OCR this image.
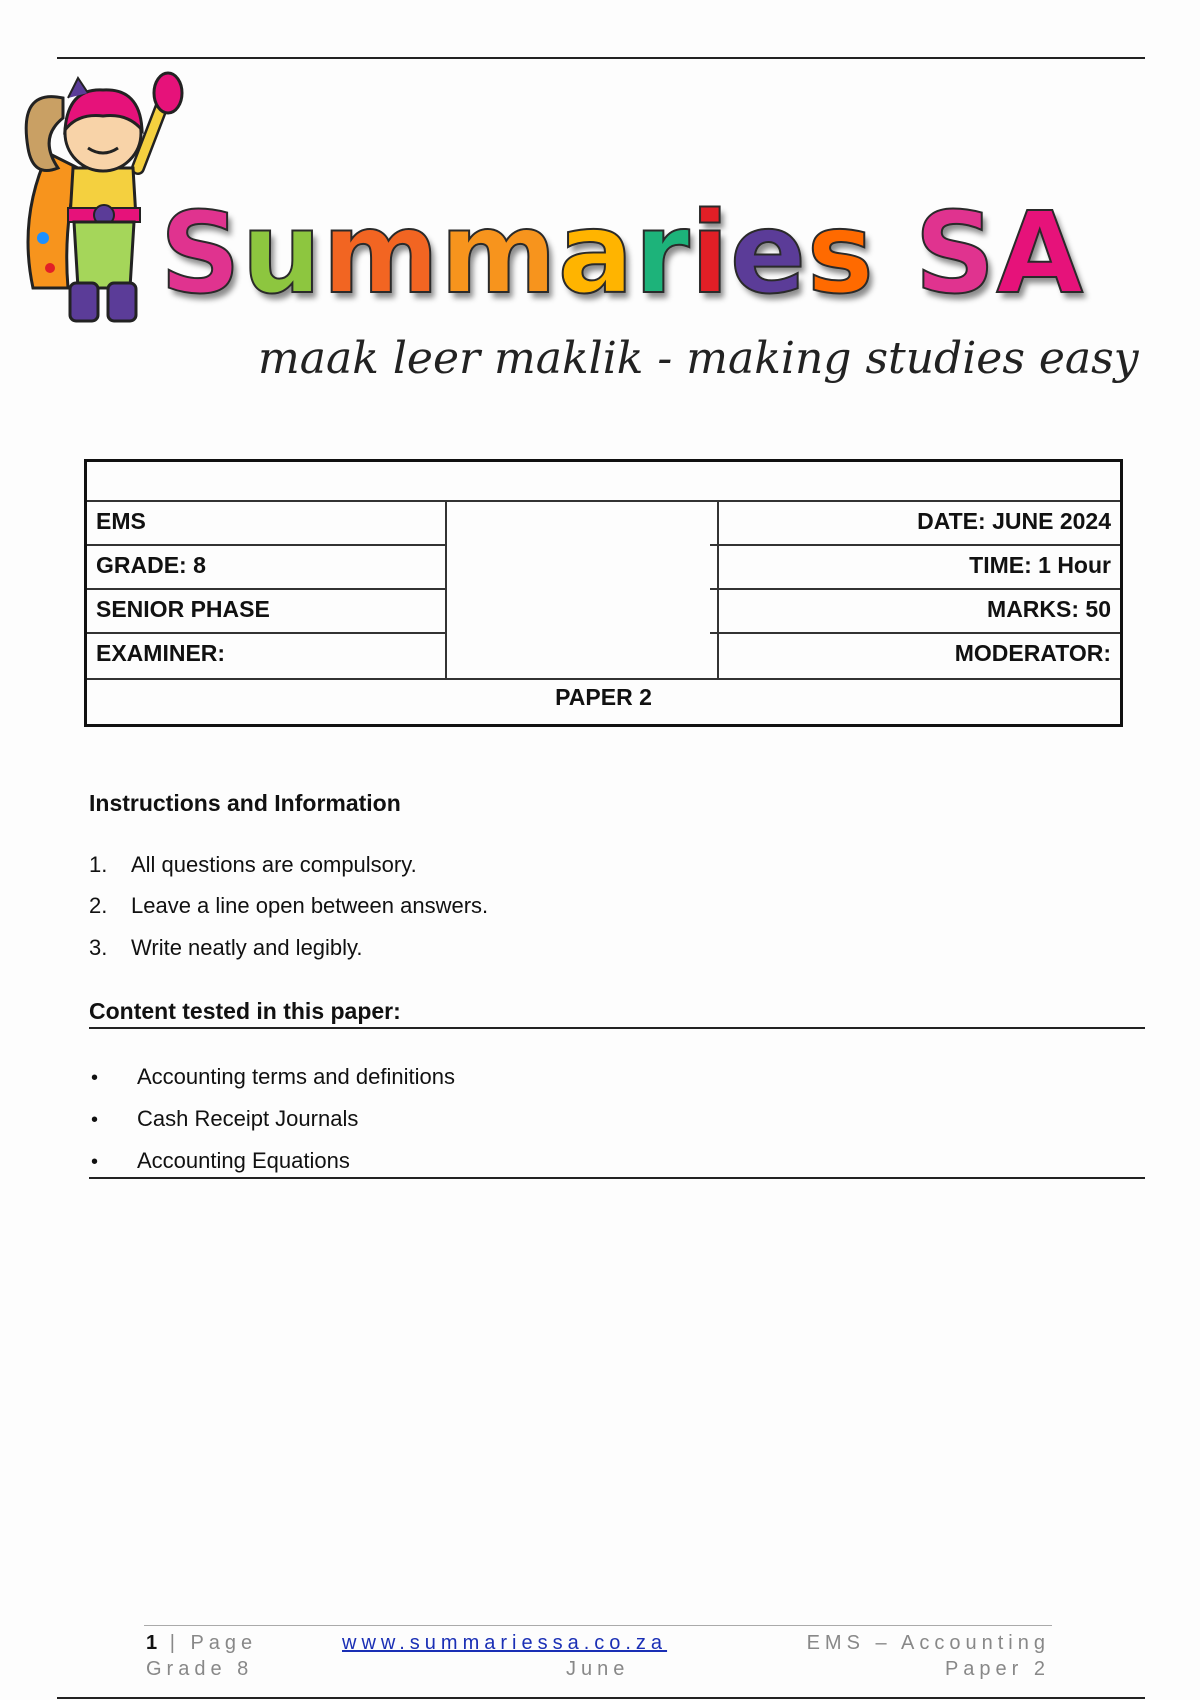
Summaries SA
maak leer maklik - making studies easy
EMS
GRADE: 8
SENIOR PHASE
EXAMINER:
DATE: JUNE 2024
TIME: 1 Hour
MARKS: 50
MODERATOR:
PAPER 2
Instructions and Information
1. All questions are compulsory.
2. Leave a line open between answers.
3. Write neatly and legibly.
Content tested in this paper:
• Accounting terms and definitions
• Cash Receipt Journals
• Accounting Equations
1 | Page
Grade 8
www.summariessa.co.za
June
EMS – Accounting
Paper 2
